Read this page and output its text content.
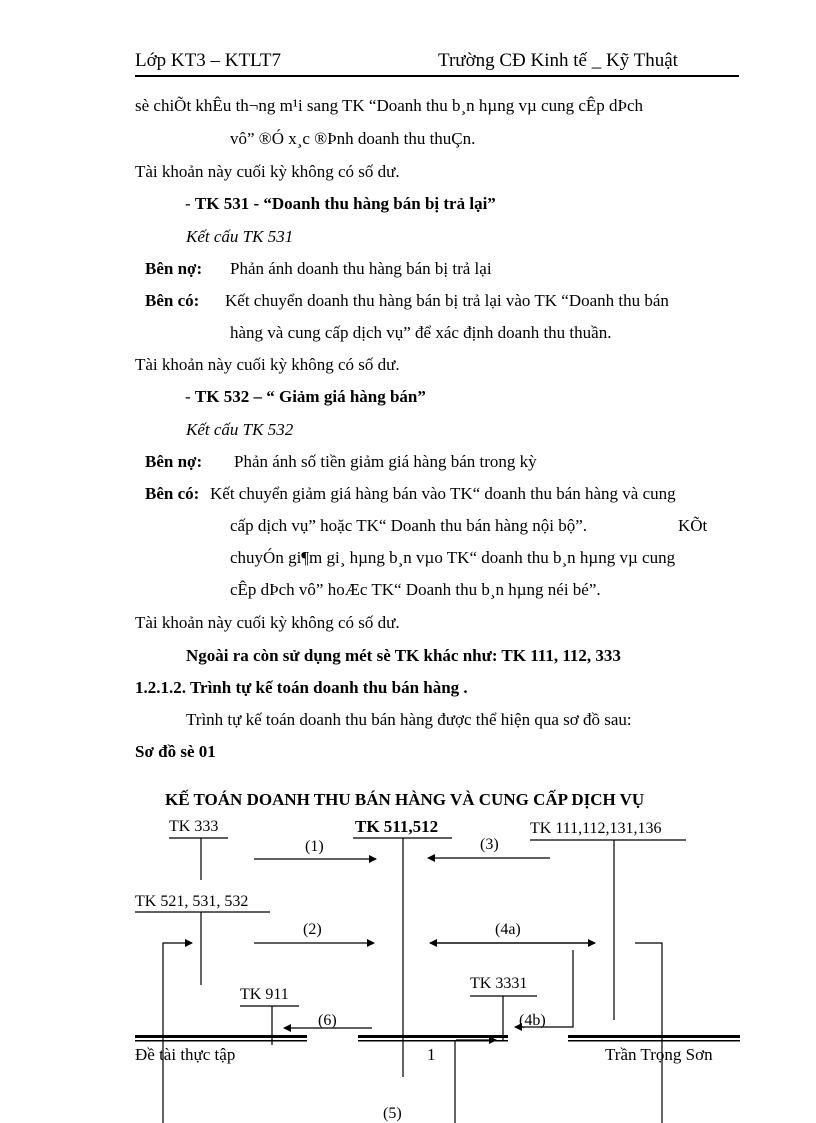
Lớp KT3 – KTLT7	Trường CĐ Kinh tế _ Kỹ Thuật
sè chiÕt khÊu th¬ng m¹i sang TK “Doanh thu b¸n hµng vµ cung cÊp dÞch
vô” ®Ó x¸c ®Þnh doanh thu thuÇn.
Tài khoản này cuối kỳ không có số dư.
- TK 531 - “Doanh thu hàng bán bị trả lại”
Kết cấu TK 531
Bên nợ: Phản ánh doanh thu hàng bán bị trả lại
Bên có: Kết chuyển doanh thu hàng bán bị trả lại vào TK “Doanh thu bán
hàng và cung cấp dịch vụ” để xác định doanh thu thuần.
Tài khoản này cuối kỳ không có số dư.
- TK 532 – “ Giảm giá hàng bán”
Kết cấu TK 532
Bên nợ: Phản ánh số tiền giảm giá hàng bán trong kỳ
Bên có: Kết chuyển giảm giá hàng bán vào TK“ doanh thu bán hàng và cung
cấp dịch vụ” hoặc TK“ Doanh thu bán hàng nội bộ”.	KÕt
chuyÓn gi¶m gi¸ hµng b¸n vµo TK“ doanh thu b¸n hµng vµ cung
cÊp dÞch vô” hoÆc TK“ Doanh thu b¸n hµng néi bé”.
Tài khoản này cuối kỳ không có số dư.
Ngoài ra còn sử dụng mét sè TK khác như: TK 111, 112, 333
1.2.1.2. Trình tự kế toán doanh thu bán hàng .
Trình tự kế toán doanh thu bán hàng được thể hiện qua sơ đồ sau:
Sơ đồ sè 01
KẾ TOÁN DOANH THU BÁN HÀNG VÀ CUNG CẤP DỊCH VỤ
TK 333	TK 511,512	TK 111,112,131,136
TK 521, 531, 532
TK 911
TK 3331
(1)	(3)
(2)	(4a)
(6)	(4b)
(5)
Đề tài thực tập	1	Trần Trọng Sơn
